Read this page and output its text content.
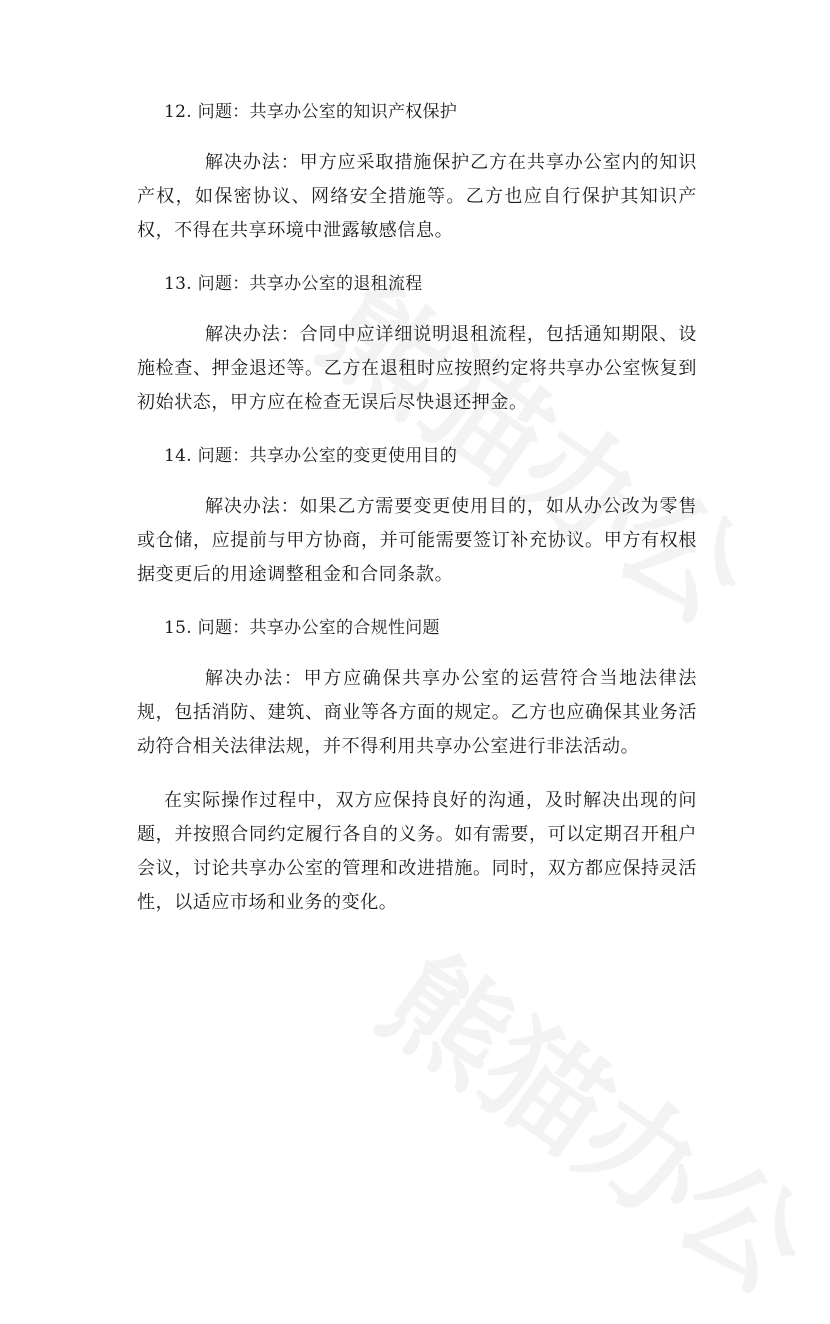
12. 问题：共享办公室的知识产权保护

解决办法：甲方应采取措施保护乙方在共享办公室内的知识产权，如保密协议、网络安全措施等。乙方也应自行保护其知识产权，不得在共享环境中泄露敏感信息。

13. 问题：共享办公室的退租流程

解决办法：合同中应详细说明退租流程，包括通知期限、设施检查、押金退还等。乙方在退租时应按照约定将共享办公室恢复到初始状态，甲方应在检查无误后尽快退还押金。

14. 问题：共享办公室的变更使用目的

解决办法：如果乙方需要变更使用目的，如从办公改为零售或仓储，应提前与甲方协商，并可能需要签订补充协议。甲方有权根据变更后的用途调整租金和合同条款。

15. 问题：共享办公室的合规性问题

解决办法：甲方应确保共享办公室的运营符合当地法律法规，包括消防、建筑、商业等各方面的规定。乙方也应确保其业务活动符合相关法律法规，并不得利用共享办公室进行非法活动。

在实际操作过程中，双方应保持良好的沟通，及时解决出现的问题，并按照合同约定履行各自的义务。如有需要，可以定期召开租户会议，讨论共享办公室的管理和改进措施。同时，双方都应保持灵活性，以适应市场和业务的变化。
